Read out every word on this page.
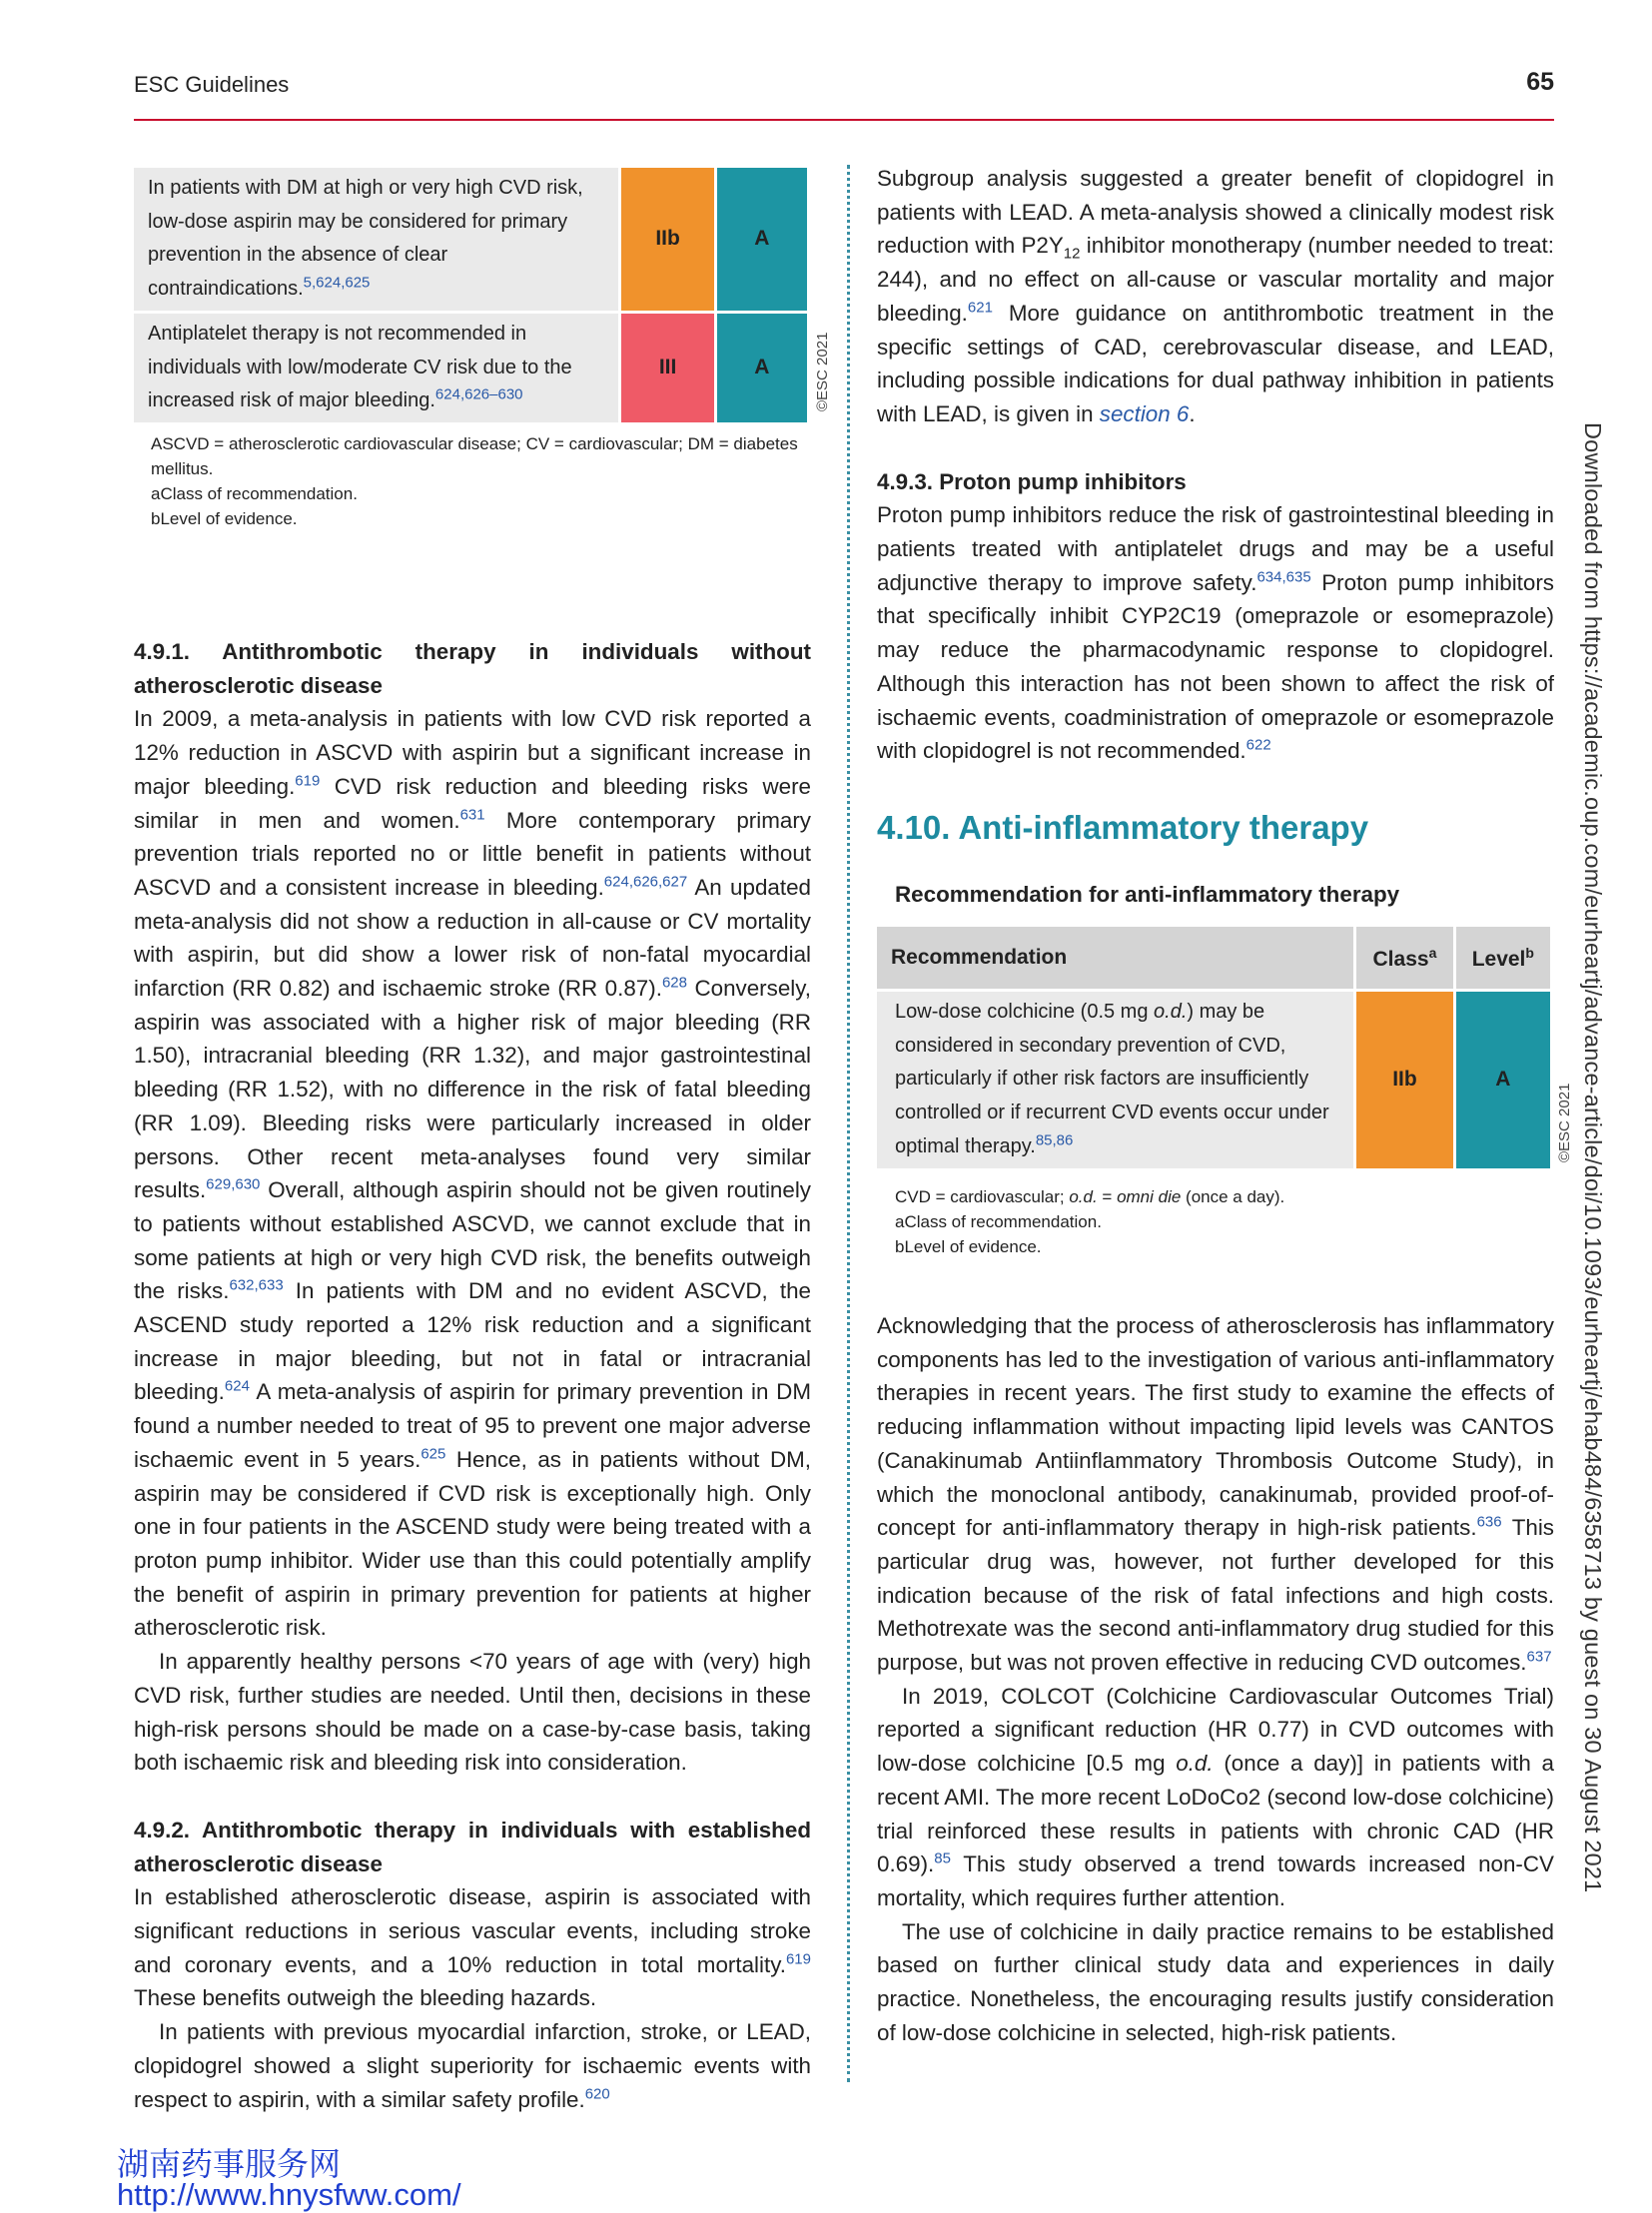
ESC Guidelines	65
In patients with DM at high or very high CVD risk, low-dose aspirin may be considered for primary prevention in the absence of clear contraindications.$^{5,624,625}$	IIb	A
Antiplatelet therapy is not recommended in individuals with low/moderate CV risk due to the increased risk of major bleeding.$^{624,626-630}$	III	A	©ESC 2021

ASCVD = atherosclerotic cardiovascular disease; CV = cardiovascular; DM = diabetes mellitus.

aClass of recommendation.

bLevel of evidence.

4.9.1. Antithrombotic therapy in individuals without atherosclerotic disease

In 2009, a meta-analysis in patients with low CVD risk reported a 12% reduction in ASCVD with aspirin but a significant increase in major bleeding.$^{619}$ CVD risk reduction and bleeding risks were similar in men and women.$^{631}$ More contemporary primary prevention trials reported no or little benefit in patients without ASCVD and a consistent increase in bleeding.$^{624,626,627}$ An updated meta-analysis did not show a reduction in all-cause or CV mortality with aspirin, but did show a lower risk of non-fatal myocardial infarction (RR 0.82) and ischaemic stroke (RR 0.87).$^{628}$ Conversely, aspirin was associated with a higher risk of major bleeding (RR 1.50), intracranial bleeding (RR 1.32), and major gastrointestinal bleeding (RR 1.52), with no difference in the risk of fatal bleeding (RR 1.09). Bleeding risks were particularly increased in older persons. Other recent meta-analyses found very similar results.$^{629,630}$ Overall, although aspirin should not be given routinely to patients without established ASCVD, we cannot exclude that in some patients at high or very high CVD risk, the benefits outweigh the risks.$^{632,633}$ In patients with DM and no evident ASCVD, the ASCEND study reported a 12% risk reduction and a significant increase in major bleeding, but not in fatal or intracranial bleeding.$^{624}$ A meta-analysis of aspirin for primary prevention in DM found a number needed to treat of 95 to prevent one major adverse ischaemic event in 5 years.$^{625}$ Hence, as in patients without DM, aspirin may be considered if CVD risk is exceptionally high. Only one in four patients in the ASCEND study were being treated with a proton pump inhibitor. Wider use than this could potentially amplify the benefit of aspirin in primary prevention for patients at higher atherosclerotic risk.

In apparently healthy persons <70 years of age with (very) high CVD risk, further studies are needed. Until then, decisions in these high-risk persons should be made on a case-by-case basis, taking both ischaemic risk and bleeding risk into consideration.

4.9.2. Antithrombotic therapy in individuals with established atherosclerotic disease

In established atherosclerotic disease, aspirin is associated with significant reductions in serious vascular events, including stroke and coronary events, and a 10% reduction in total mortality.$^{619}$ These benefits outweigh the bleeding hazards.

In patients with previous myocardial infarction, stroke, or LEAD, clopidogrel showed a slight superiority for ischaemic events with respect to aspirin, with a similar safety profile.$^{620}$

Subgroup analysis suggested a greater benefit of clopidogrel in patients with LEAD. A meta-analysis showed a clinically modest risk reduction with $P2Y_{12}$ inhibitor monotherapy (number needed to treat: 244), and no effect on all-cause or vascular mortality and major bleeding.$^{621}$ More guidance on antithrombotic treatment in the specific settings of CAD, cerebrovascular disease, and LEAD, including possible indications for dual pathway inhibition in patients with LEAD, is given in section 6.

4.9.3. Proton pump inhibitors

Proton pump inhibitors reduce the risk of gastrointestinal bleeding in patients treated with antiplatelet drugs and may be a useful adjunctive therapy to improve safety.$^{634,635}$ Proton pump inhibitors that specifically inhibit CYP2C19 (omeprazole or esomeprazole) may reduce the pharmacodynamic response to clopidogrel. Although this interaction has not been shown to affect the risk of ischaemic events, coadministration of omeprazole or esomeprazole with clopidogrel is not recommended.$^{622}$

4.10. Anti-inflammatory therapy
Recommendation for anti-inflammatory therapy
Recommendation	Class$^a$	Level$^b$
Low-dose colchicine (0.5 mg o.d.) may be considered in secondary prevention of CVD, particularly if other risk factors are insufficiently controlled or if recurrent CVD events occur under optimal therapy.$^{85,86}$	IIb	A
©ESC 2021

CVD = cardiovascular; o.d. = omni die (once a day).

aClass of recommendation.

bLevel of evidence.

Acknowledging that the process of atherosclerosis has inflammatory components has led to the investigation of various anti-inflammatory therapies in recent years. The first study to examine the effects of reducing inflammation without impacting lipid levels was CANTOS (Canakinumab Antiinflammatory Thrombosis Outcome Study), in which the monoclonal antibody, canakinumab, provided proof-of-concept for anti-inflammatory therapy in high-risk patients.$^{636}$ This particular drug was, however, not further developed for this indication because of the risk of fatal infections and high costs. Methotrexate was the second anti-inflammatory drug studied for this purpose, but was not proven effective in reducing CVD outcomes.$^{637}$

In 2019, COLCOT (Colchicine Cardiovascular Outcomes Trial) reported a significant reduction (HR 0.77) in CVD outcomes with low-dose colchicine [0.5 mg o.d. (once a day)] in patients with a recent AMI. The more recent LoDoCo2 (second low-dose colchicine) trial reinforced these results in patients with chronic CAD (HR 0.69).$^{85}$ This study observed a trend towards increased non-CV mortality, which requires further attention.

The use of colchicine in daily practice remains to be established based on further clinical study data and experiences in daily practice. Nonetheless, the encouraging results justify consideration of low-dose colchicine in selected, high-risk patients.

Downloaded from https://academic.oup.com/eurheartj/advance-article/doi/10.1093/eurheartj/ehab484/6358713 by guest on 30 August 2021
湖南药事服务网
http://www.hnysfww.com/
